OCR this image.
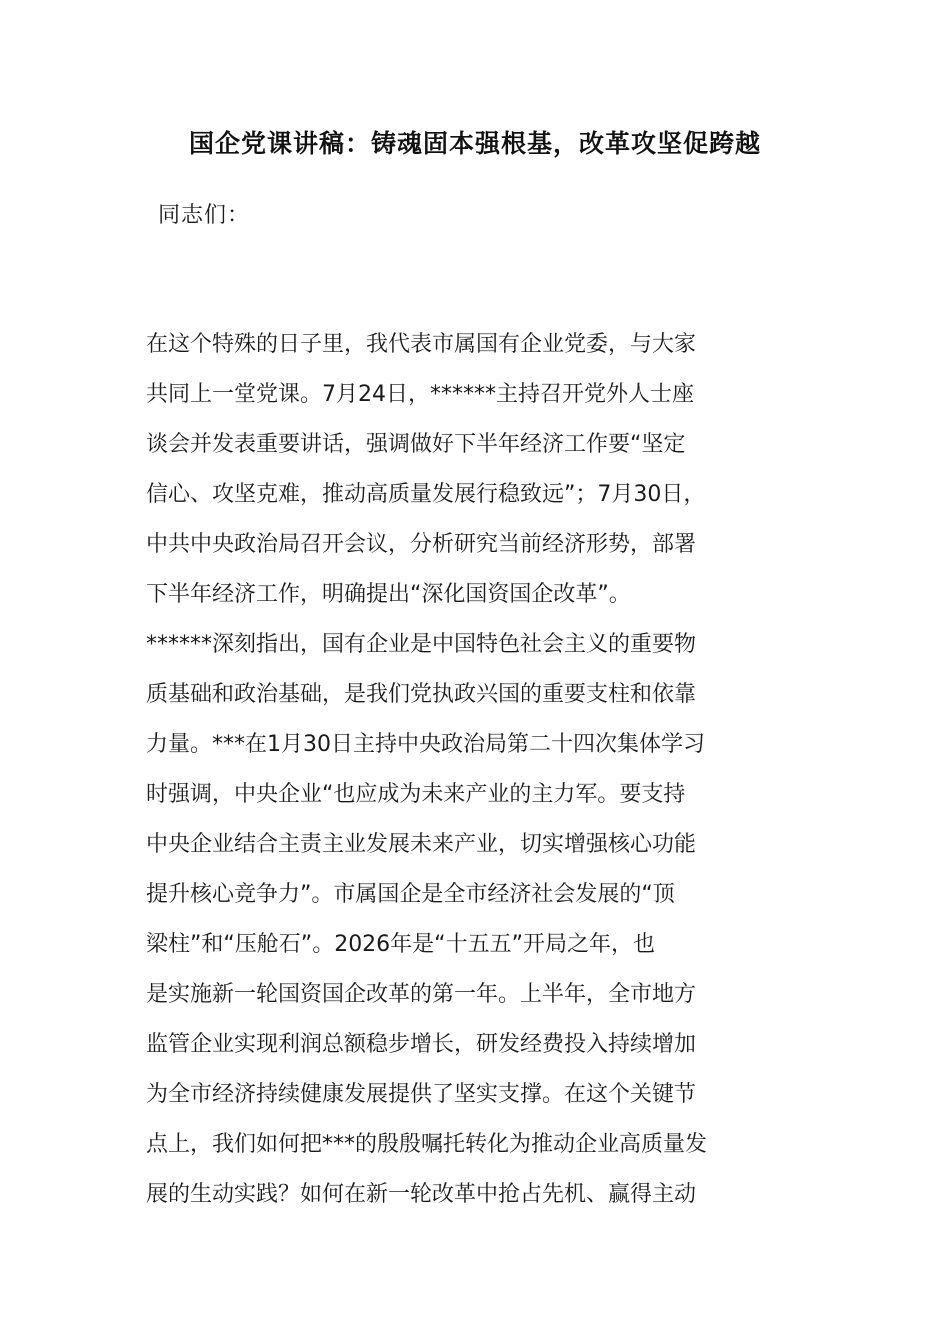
国企党课讲稿：铸魂固本强根基，改革攻坚促跨越
同志们：
在这个特殊的日子里，我代表市属国有企业党委，与大家
共同上一堂党课。7月24日，******主持召开党外人士座
谈会并发表重要讲话，强调做好下半年经济工作要“坚定
信心、攻坚克难，推动高质量发展行稳致远”；7月30日，
中共中央政治局召开会议，分析研究当前经济形势，部署
下半年经济工作，明确提出“深化国资国企改革”。
******深刻指出，国有企业是中国特色社会主义的重要物
质基础和政治基础，是我们党执政兴国的重要支柱和依靠
力量。***在1月30日主持中央政治局第二十四次集体学习
时强调，中央企业“也应成为未来产业的主力军。要支持
中央企业结合主责主业发展未来产业，切实增强核心功能
提升核心竞争力”。市属国企是全市经济社会发展的“顶
梁柱”和“压舱石”。2026年是“十五五”开局之年，也
是实施新一轮国资国企改革的第一年。上半年，全市地方
监管企业实现利润总额稳步增长，研发经费投入持续增加
为全市经济持续健康发展提供了坚实支撑。在这个关键节
点上，我们如何把***的殷殷嘱托转化为推动企业高质量发
展的生动实践？如何在新一轮改革中抢占先机、赢得主动
